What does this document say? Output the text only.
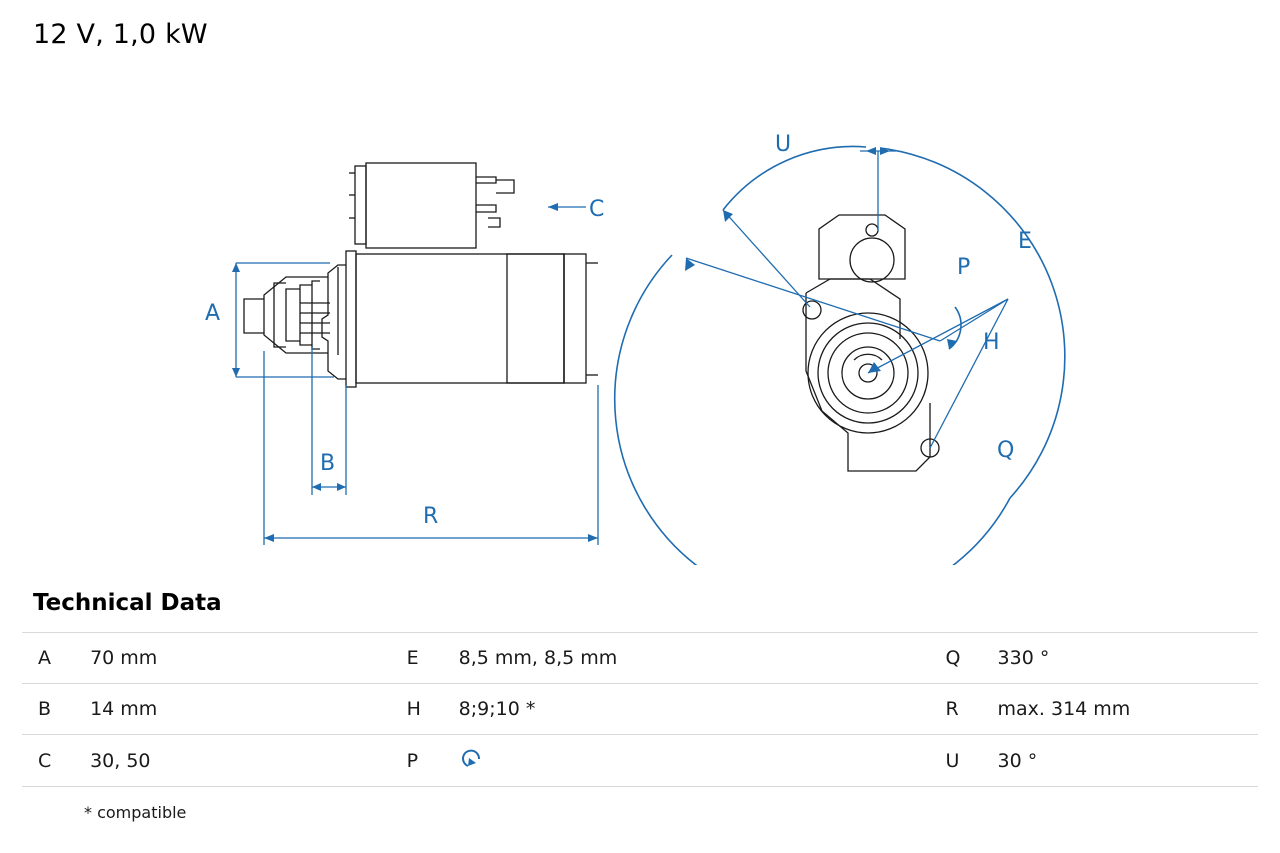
12 V, 1,0 kW
A
B
C
R
U
E
P
H
Q
Technical Data
A	70 mm	E	8,5 mm, 8,5 mm	Q	330 °
B	14 mm	H	8;9;10 *	R	max. 314 mm
C	30, 50	P		U	30 °
* compatible
